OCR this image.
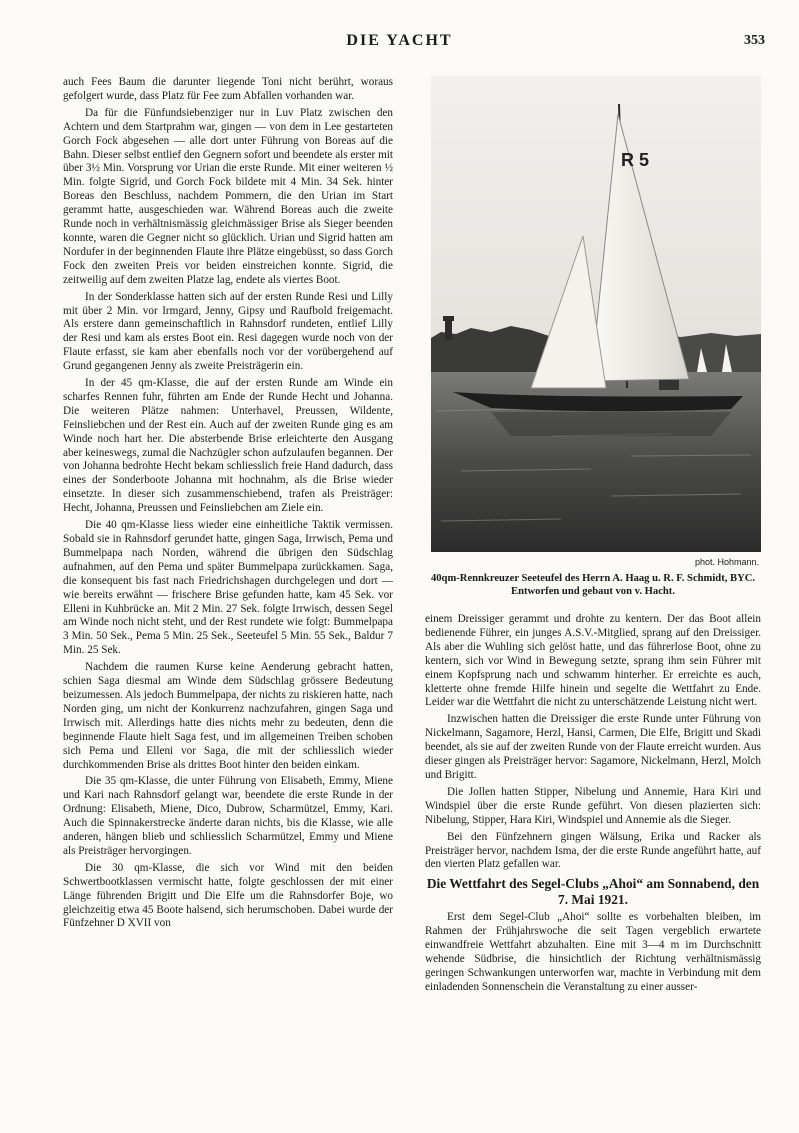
DIE YACHT	353

auch Fees Baum die darunter liegende Toni nicht berührt, woraus gefolgert wurde, dass Platz für Fee zum Abfallen vorhanden war.

Da für die Fünfundsiebenziger nur in Luv Platz zwischen den Achtern und dem Startprahm war, gingen — von dem in Lee gestarteten Gorch Fock abgesehen — alle dort unter Führung von Boreas auf die Bahn. Dieser selbst entlief den Gegnern sofort und beendete als erster mit über 3½ Min. Vorsprung vor Urian die erste Runde. Mit einer weiteren ½ Min. folgte Sigrid, und Gorch Fock bildete mit 4 Min. 34 Sek. hinter Boreas den Beschluss, nachdem Pommern, die den Urian im Start gerammt hatte, ausgeschieden war. Während Boreas auch die zweite Runde noch in verhältnismässig gleichmässiger Brise als Sieger beenden konnte, waren die Gegner nicht so glücklich. Urian und Sigrid hatten am Nordufer in der beginnenden Flaute ihre Plätze eingebüsst, so dass Gorch Fock den zweiten Preis vor beiden einstreichen konnte. Sigrid, die zeitweilig auf dem zweiten Platze lag, endete als viertes Boot.

In der Sonderklasse hatten sich auf der ersten Runde Resi und Lilly mit über 2 Min. vor Irmgard, Jenny, Gipsy und Raufbold freigemacht. Als erstere dann gemeinschaftlich in Rahnsdorf rundeten, entlief Lilly der Resi und kam als erstes Boot ein. Resi dagegen wurde noch von der Flaute erfasst, sie kam aber ebenfalls noch vor der vorübergehend auf Grund gegangenen Jenny als zweite Preisträgerin ein.

In der 45 qm-Klasse, die auf der ersten Runde am Winde ein scharfes Rennen fuhr, führten am Ende der Runde Hecht und Johanna. Die weiteren Plätze nahmen: Unterhavel, Preussen, Wildente, Feinsliebchen und der Rest ein. Auch auf der zweiten Runde ging es am Winde noch hart her. Die absterbende Brise erleichterte den Ausgang aber keineswegs, zumal die Nachzügler schon aufzulaufen begannen. Der von Johanna bedrohte Hecht bekam schliesslich freie Hand dadurch, dass eines der Sonderboote Johanna mit hochnahm, als die Brise wieder einsetzte. In dieser sich zusammenschiebend, trafen als Preisträger: Hecht, Johanna, Preussen und Feinsliebchen am Ziele ein.

Die 40 qm-Klasse liess wieder eine einheitliche Taktik vermissen. Sobald sie in Rahnsdorf gerundet hatte, gingen Saga, Irrwisch, Pema und Bummelpapa nach Norden, während die übrigen den Südschlag aufnahmen, auf den Pema und später Bummelpapa zurückkamen. Saga, die konsequent bis fast nach Friedrichshagen durchgelegen und dort — wie bereits erwähnt — frischere Brise gefunden hatte, kam 45 Sek. vor Elleni in Kuhbrücke an. Mit 2 Min. 27 Sek. folgte Irrwisch, dessen Segel am Winde noch nicht steht, und der Rest rundete wie folgt: Bummelpapa 3 Min. 50 Sek., Pema 5 Min. 25 Sek., Seeteufel 5 Min. 55 Sek., Baldur 7 Min. 25 Sek.

Nachdem die raumen Kurse keine Aenderung gebracht hatten, schien Saga diesmal am Winde dem Südschlag grössere Bedeutung beizumessen. Als jedoch Bummelpapa, der nichts zu riskieren hatte, nach Norden ging, um nicht der Konkurrenz nachzufahren, gingen Saga und Irrwisch mit. Allerdings hatte dies nichts mehr zu bedeuten, denn die beginnende Flaute hielt Saga fest, und im allgemeinen Treiben schoben sich Pema und Elleni vor Saga, die mit der schliesslich wieder durchkommenden Brise als drittes Boot hinter den beiden einkam.

Die 35 qm-Klasse, die unter Führung von Elisabeth, Emmy, Miene und Kari nach Rahnsdorf gelangt war, beendete die erste Runde in der Ordnung: Elisabeth, Miene, Dico, Dubrow, Scharmützel, Emmy, Kari. Auch die Spinnakerstrecke änderte daran nichts, bis die Klasse, wie alle anderen, hängen blieb und schliesslich Scharmützel, Emmy und Miene als Preisträger hervorgingen.

Die 30 qm-Klasse, die sich vor Wind mit den beiden Schwertbootklassen vermischt hatte, folgte geschlossen der mit einer Länge führenden Brigitt und Die Elfe um die Rahnsdorfer Boje, wo gleichzeitig etwa 45 Boote halsend, sich herumschoben. Dabei wurde der Fünfzehner D XVII von

R 5
phot. Hohmann.
40qm-Rennkreuzer Seeteufel des Herrn A. Haag u. R. F. Schmidt, BYC.
Entworfen und gebaut von v. Hacht.

einem Dreissiger gerammt und drohte zu kentern. Der das Boot allein bedienende Führer, ein junges A.S.V.-Mitglied, sprang auf den Dreissiger. Als aber die Wuhling sich gelöst hatte, und das führerlose Boot, ohne zu kentern, sich vor Wind in Bewegung setzte, sprang ihm sein Führer mit einem Kopfsprung nach und schwamm hinterher. Er erreichte es auch, kletterte ohne fremde Hilfe hinein und segelte die Wettfahrt zu Ende. Leider war die Wettfahrt die nicht zu unterschätzende Leistung nicht wert.

Inzwischen hatten die Dreissiger die erste Runde unter Führung von Nickelmann, Sagamore, Herzl, Hansi, Carmen, Die Elfe, Brigitt und Skadi beendet, als sie auf der zweiten Runde von der Flaute erreicht wurden. Aus dieser gingen als Preisträger hervor: Sagamore, Nickelmann, Herzl, Molch und Brigitt.

Die Jollen hatten Stipper, Nibelung und Annemie, Hara Kiri und Windspiel über die erste Runde geführt. Von diesen plazierten sich: Nibelung, Stipper, Hara Kiri, Windspiel und Annemie als die Sieger.

Bei den Fünfzehnern gingen Wälsung, Erika und Racker als Preisträger hervor, nachdem Isma, der die erste Runde angeführt hatte, auf den vierten Platz gefallen war.

Die Wettfahrt des Segel-Clubs „Ahoi“ am Sonnabend, den 7. Mai 1921.

Erst dem Segel-Club „Ahoi“ sollte es vorbehalten bleiben, im Rahmen der Frühjahrswoche die seit Tagen vergeblich erwartete einwandfreie Wettfahrt abzuhalten. Eine mit 3—4 m im Durchschnitt wehende Südbrise, die hinsichtlich der Richtung verhältnismässig geringen Schwankungen unterworfen war, machte in Verbindung mit dem einladenden Sonnenschein die Veranstaltung zu einer ausser-
